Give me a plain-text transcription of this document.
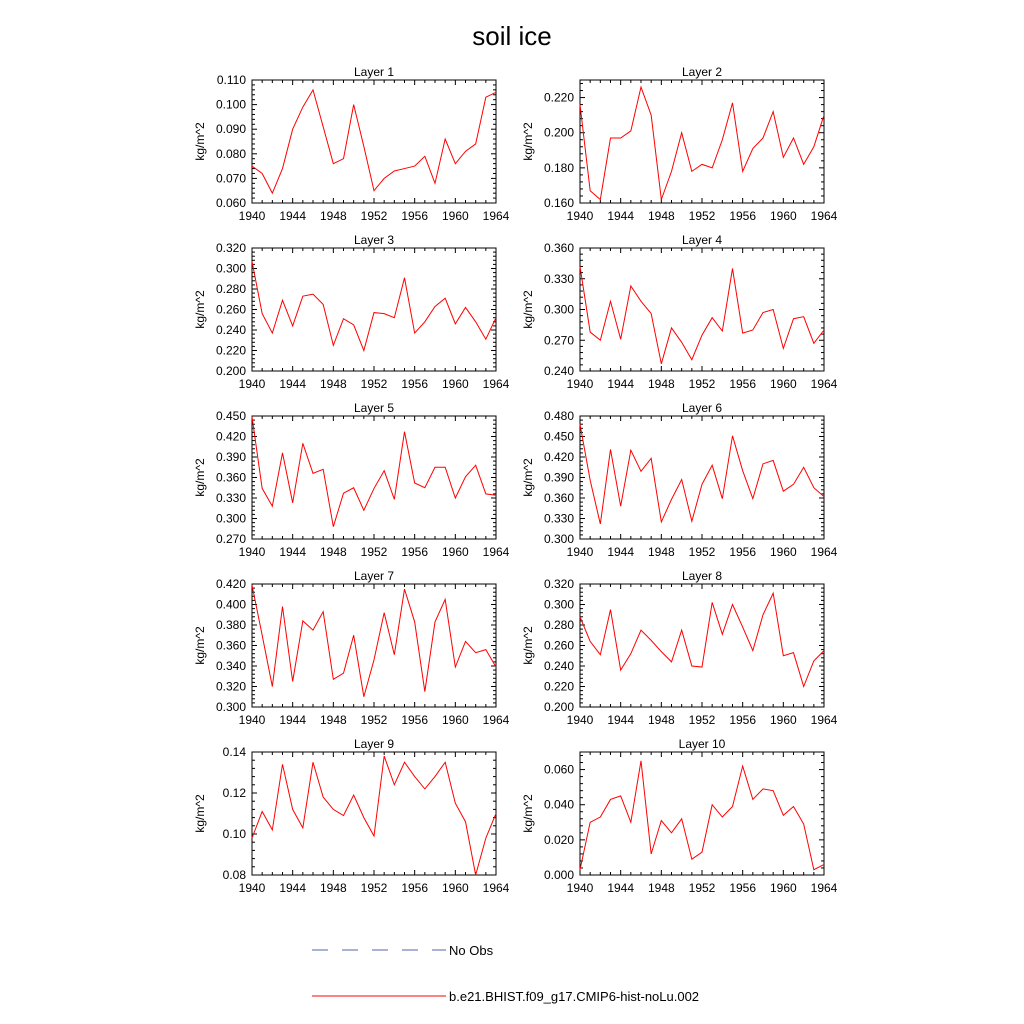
soil ice
Layer 1
kg/m^2
1940 1944 1948 1952 1956 1960 1964
0.060
0.070
0.080
0.090
0.100
0.110
Layer 2
kg/m^2
1940 1944 1948 1952 1956 1960 1964
0.160
0.180
0.200
0.220
Layer 3
kg/m^2
1940 1944 1948 1952 1956 1960 1964
0.200
0.220
0.240
0.260
0.280
0.300
0.320
Layer 4
kg/m^2
1940 1944 1948 1952 1956 1960 1964
0.240
0.270
0.300
0.330
0.360
Layer 5
kg/m^2
1940 1944 1948 1952 1956 1960 1964
0.270
0.300
0.330
0.360
0.390
0.420
0.450
Layer 6
kg/m^2
1940 1944 1948 1952 1956 1960 1964
0.300
0.330
0.360
0.390
0.420
0.450
0.480
Layer 7
kg/m^2
1940 1944 1948 1952 1956 1960 1964
0.300
0.320
0.340
0.360
0.380
0.400
0.420
Layer 8
kg/m^2
1940 1944 1948 1952 1956 1960 1964
0.200
0.220
0.240
0.260
0.280
0.300
0.320
Layer 9
kg/m^2
1940 1944 1948 1952 1956 1960 1964
0.08
0.10
0.12
0.14
Layer 10
kg/m^2
1940 1944 1948 1952 1956 1960 1964
0.000
0.020
0.040
0.060
No Obs
b.e21.BHIST.f09_g17.CMIP6-hist-noLu.002
